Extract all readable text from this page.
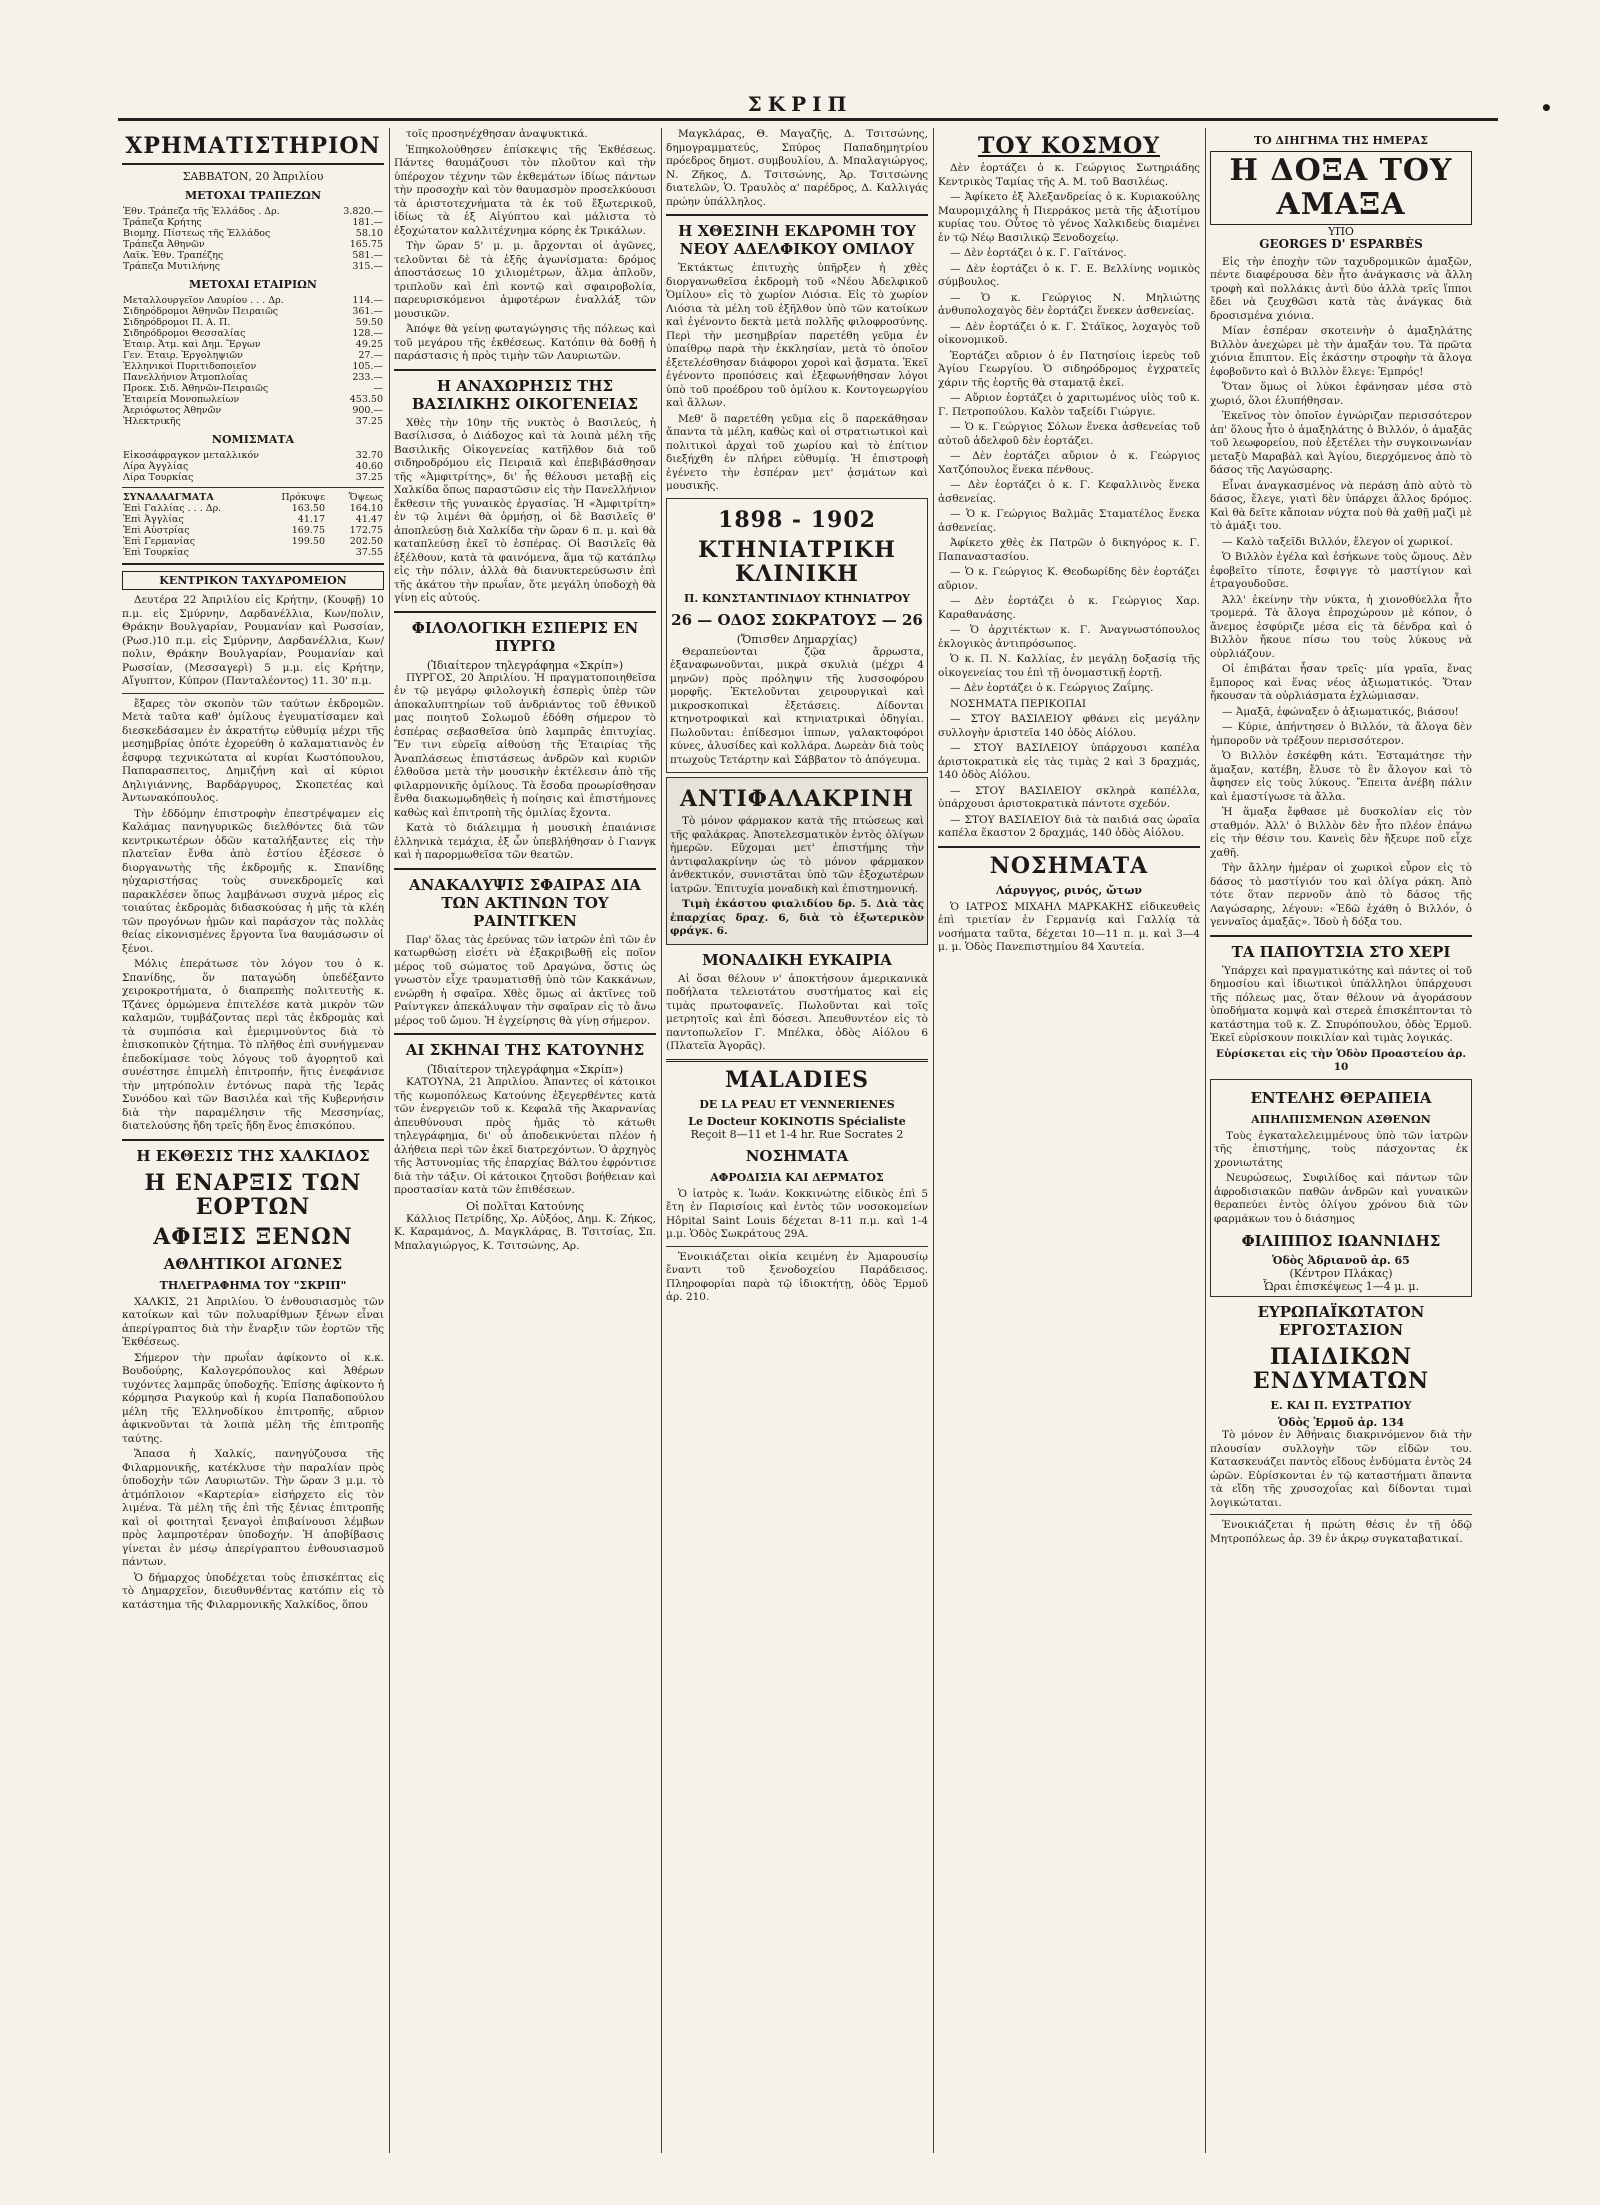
ΣΚΡΙΠ	•
ΧΡΗΜΑΤΙΣΤΗΡΙΟΝ
ΣΑΒΒΑΤΟΝ, 20 Ἀπριλίου
ΜΕΤΟΧΑΙ ΤΡΑΠΕΖΩΝ
Ἐθν. Τράπεζα τῆς Ἑλλάδος . Δρ.	3.820.—
Τράπεζα Κρήτης	181.—
Βιομηχ. Πίστεως τῆς Ἑλλάδος	58.10
Τράπεζα Ἀθηνῶν	165.75
Λαϊκ. Ἐθν. Τραπέζης	581.—
Τράπεζα Μυτιλήνης	315.—
ΜΕΤΟΧΑΙ ΕΤΑΙΡΙΩΝ
Μεταλλουργεῖον Λαυρίου . . . Δρ.	114.—
Σιδηρόδρομοι Ἀθηνῶν Πειραιῶς	361.—
Σιδηρόδρομοι Π. Α. Π.	59.50
Σιδηρόδρομοι Θεσσαλίας	128.—
Ἑταιρ. Ἀτμ. καὶ Δημ. Ἔργων	49.25
Γεν. Ἐταιρ. Ἐργοληψιῶν	27.—
Ἑλληνικοὶ Πυριτιδοποιεῖον	105.—
Πανελλήνιον Ἀτμοπλοΐας	233.—
Προεκ. Σιδ. Ἀθηνῶν-Πειραιῶς	—
Ἑταιρεία Μονοπωλείων	453.50
Ἀεριόφωτος Ἀθηνῶν	900.—
Ἠλεκτρικῆς	37.25
ΝΟΜΙΣΜΑΤΑ
Εἰκοσάφραγκον μεταλλικόν	32.70
Λίρα Ἀγγλίας	40.60
Λίρα Τουρκίας	37.25
ΣΥΝΑΛΛΑΓΜΑΤΑ	Πρόκυψε	Ὄψεως
Ἐπὶ Γαλλίας . . . Δρ.	163.50	164.10
Ἐπὶ Ἀγγλίας	41.17	41.47
Ἐπὶ Αὐστρίας	169.75	172.75
Ἐπὶ Γερμανίας	199.50	202.50
Ἐπὶ Τουρκίας		37.55
ΚΕΝΤΡΙΚΟΝ ΤΑΧΥΔΡΟΜΕΙΟΝ

Δευτέρα 22 Ἀπριλίου εἰς Κρήτην, (Κουφῇ) 10 π.μ. εἰς Σμύρνην, Δαρδανέλλια, Κων/πολιν, Θράκην Βουλγαρίαν, Ρουμανίαν καὶ Ρωσσίαν, (Ρωσ.)10 π.μ. εἰς Σμύρνην, Δαρδανέλλια, Κων/πολιν, Θράκην Βουλγαρίαν, Ρουμανίαν καὶ Ρωσσίαν, (Μεσσαγερὶ) 5 μ.μ. εἰς Κρήτην, Αἴγυπτον, Κύπρον (Πανταλέοντος) 11. 30' π.μ.

ἔξαρες τὸν σκοπὸν τῶν ταύτων ἐκδρομῶν. Μετὰ ταῦτα καθ' ὁμίλους ἐγευματίσαμεν καὶ διεσκεδάσαμεν ἐν ἀκρατήτῳ εὐθυμίᾳ μέχρι τῆς μεσημβρίας ὁπότε ἐχορεύθη ὁ καλαματιανὸς ἐν ἐσφυρᾳ τεχνικώτατα αἱ κυρίαι Κωστόπουλου, Παπαρασπειτος, Δημιζήνη καὶ αἱ κύριοι Δηλιγιάννης, Βαρδάργυρος, Σκοπετέας καὶ Ἀντωνακόπουλος.

Τὴν ἑδδόμην ἐπιστροφὴν ἐπεστρέψαμεν εἰς Καλάμας πανηγυρικῶς διελθόντες διὰ τῶν κεντρικωτέρων ὁδῶν καταλήξαντες εἰς τὴν πλατεῖαν ἔνθα ἀπὸ ἐστίου ἐξέσεσε ὁ διοργανωτὴς τῆς ἐκδρομῆς κ. Σπανίδης ηὐχαριστήσας τοὺς συνεκδρομεῖς καὶ παρακλέσεν ὅπως λαμβάνωσι συχνὰ μέρος εἰς τοιαύτας ἐκδρομὰς διδασκούσας ἡ μῆς τὰ κλέη τῶν προγόνων ἡμῶν καὶ παράσχον τὰς πολλὰς θείας εἰκονισμένες ἔργοντα ἵνα θαυμάσωσιν οἱ ξένοι.

Μόλις ἐπεράτωσε τὸν λόγον του ὁ κ. Σπανίδης, ὅν παταγώδη ὑπεδέξαντο χειροκροτήματα, ὁ διαπρεπὴς πολιτευτὴς κ. Τζάνες ὁρμώμενα ἐπιτελέσε κατὰ μικρὸν τῶν καλαμῶν, τυμβάζοντας περὶ τὰς ἐκδρομὰς καὶ τὰ συμπόσια καὶ ἐμεριμνούντος διὰ τὸ ἐπισκοπικὸν ζήτημα. Τὸ πλῆθος ἐπὶ συνήγμεναν ἐπεδοκίμασε τοὺς λόγους τοῦ ἀγορητοῦ καὶ συνέστησε ἐπιμελὴ ἐπιτροπήν, ἥτις ἐνεφάνισε τὴν μητρόπολιν ἐντόνως παρὰ τῆς Ἱερᾶς Συνόδου καὶ τῶν Βασιλέα καὶ τῆς Κυβερνήσιν διὰ τὴν παραμέλησιν τῆς Μεσσηνίας, διατελούσης ἤδη τρεῖς ἤδη ἔνος ἐπισκόπου.

Η ΕΚΘΕΣΙΣ ΤΗΣ ΧΑΛΚΙΔΟΣ
Η ΕΝΑΡΞΙΣ ΤΩΝ ΕΟΡΤΩΝ
ΑΦΙΞΙΣ ΞΕΝΩΝ
ΑΘΛΗΤΙΚΟΙ ΑΓΩΝΕΣ
ΤΗΛΕΓΡΑΦΗΜΑ ΤΟΥ "ΣΚΡΙΠ"

ΧΑΛΚΙΣ, 21 Ἀπριλίου. Ὁ ἐνθουσιασμὸς τῶν κατοίκων καὶ τῶν πολυαρίθμων ξένων εἶναι ἀπερίγραπτος διὰ τὴν ἔναρξιν τῶν ἑορτῶν τῆς Ἐκθέσεως.

Σήμερον τὴν πρωΐαν ἀφίκοντο οἱ κ.κ. Βουδούρης, Καλογερόπουλος καὶ Ἀθέρων τυχόντες λαμπρᾶς ὑποδοχῆς. Ἐπίσης ἀφίκοντο ἡ κόρμησα Ριαγκούρ καὶ ἡ κυρία Παπαδοπούλου μέλη τῆς Ἑλληνοδίκου ἐπιτροπῆς, αὔριον ἀφικνοῦνται τὰ λοιπὰ μέλη τῆς ἐπιτροπῆς ταύτης.

Ἅπασα ἡ Χαλκίς, πανηγύζουσα τῆς Φιλαρμονικῆς, κατέκλυσε τὴν παραλίαν πρὸς ὑποδοχὴν τῶν Λαυριωτῶν. Τὴν ὥραν 3 μ.μ. τὸ ἀτμόπλοιον «Καρτερία» εἰσήρχετο εἰς τὸν λιμένα. Τὰ μέλη τῆς ἐπὶ τῆς ξένιας ἐπιτροπῆς καὶ οἱ φοιτηταὶ ξεναγοὶ ἐπιβαίνουσι λέμβων πρὸς λαμπροτέραν ὑποδοχήν. Ἡ ἀποβίβασις γίνεται ἐν μέσῳ ἀπερίγραπτου ἐνθουσιασμοῦ πάντων.

Ὁ δήμαρχος ὑποδέχεται τοὺς ἐπισκέπτας εἰς τὸ Δημαρχεῖον, διευθυνθέντας κατόπιν εἰς τὸ κατάστημα τῆς Φιλαρμονικῆς Χαλκίδος, ὅπου

τοῖς προσηνέχθησαν ἀναψυκτικά.

Ἐπηκολούθησεν ἐπίσκεψις τῆς Ἐκθέσεως. Πάντες θαυμάζουσι τὸν πλοῦτον καὶ τὴν ὑπέροχον τέχνην τῶν ἐκθεμάτων ἰδίως πάντων τὴν προσοχὴν καὶ τὸν θαυμασμὸν προσελκύουσι τὰ ἀριστοτεχνήματα τὰ ἐκ τοῦ ἔξωτερικοῦ, ἰδίως τὰ ἐξ Αἰγύπτου καὶ μάλιστα τὸ ἐξοχώτατον καλλιτέχνημα κόρης ἐκ Τρικάλων.

Τὴν ὥραν 5' μ. μ. ἄρχονται οἱ ἀγῶνες, τελοῦνται δὲ τὰ ἑξῆς ἀγωνίσματα: δρόμος ἀποστάσεως 10 χιλιομέτρων, ἅλμα ἁπλοῦν, τριπλοῦν καὶ ἐπὶ κοντῷ καὶ σφαιροβολία, παρευρισκόμενοι ἀμφοτέρων ἐναλλάξ τῶν μουσικῶν.

Ἀπόψε θὰ γείνῃ φωταγώγησις τῆς πόλεως καὶ τοῦ μεγάρου τῆς ἐκθέσεως. Κατόπιν θὰ δοθῇ ἡ παράστασις ἡ πρὸς τιμὴν τῶν Λαυριωτῶν.

Η ΑΝΑΧΩΡΗΣΙΣ ΤΗΣ ΒΑΣΙΛΙΚΗΣ ΟΙΚΟΓΕΝΕΙΑΣ

Χθὲς τὴν 10ην τῆς νυκτὸς ὁ Βασιλεύς, ἡ Βασίλισσα, ὁ Διάδοχος καὶ τὰ λοιπὰ μέλη τῆς Βασιλικῆς Οἰκογενείας κατῆλθον διὰ τοῦ σιδηροδρόμου εἰς Πειραιᾶ καὶ ἐπεβιβάσθησαν τῆς «Ἀμφιτρίτης», δι' ἧς θέλουσι μεταβῇ εἰς Χαλκίδα ὅπως παραστῶσιν εἰς τὴν Πανελλήνιον ἔκθεσιν τῆς γυναικὸς ἐργασίας. Ἡ «Ἀμφιτρίτη» ἐν τῷ λιμένι θὰ ὁρμήσῃ, οἱ δὲ Βασιλεῖς θ' ἀποπλεύσῃ διὰ Χαλκίδα τὴν ὥραν 6 π. μ. καὶ θὰ καταπλεύσῃ ἐκεῖ τὸ ἑσπέρας. Οἱ Βασιλεῖς θὰ ἐξέλθουν, κατὰ τὰ φαινόμενα, ἅμα τῷ κατάπλῳ εἰς τὴν πόλιν, ἀλλὰ θὰ διανυκτερεύσωσιν ἐπὶ τῆς ἀκάτου τὴν πρωΐαν, ὅτε μεγάλη ὑποδοχὴ θὰ γίνῃ εἰς αὐτούς.

ΦΙΛΟΛΟΓΙΚΗ ΕΣΠΕΡΙΣ ΕΝ ΠΥΡΓΩ
(Ἰδιαίτερον τηλεγράφημα «Σκρίπ»)

ΠΥΡΓΟΣ, 20 Ἀπριλίου. Ἡ πραγματοποιηθεῖσα ἐν τῷ μεγάρῳ φιλολογικὴ ἑσπερὶς ὑπὲρ τῶν ἀποκαλυπτηρίων τοῦ ἀνδριάντος τοῦ ἐθνικοῦ μας ποιητοῦ Σολωμοῦ ἐδόθη σήμερον τὸ ἑσπέρας σεβασθεῖσα ὑπὸ λαμπρᾶς ἐπιτυχίας. Ἔν τινι εὐρεῖᾳ αἰθούσῃ τῆς Ἑταιρίας τῆς Ἀναπλάσεως ἐπιστάσεως ἀνδρῶν καὶ κυριῶν ἐλθοῦσα μετὰ τὴν μουσικὴν ἐκτέλεσιν ἀπὸ τῆς φιλαρμονικῆς ὁμίλους. Τὰ ἔσοδα προωρίσθησαν ἔνθα διακωμῳδηθεὶς ἡ ποίησις καὶ ἐπιστήμονες καθὼς καὶ ἐπιτροπὴ τῆς ὁμιλίας ἔχοντα.

Κατὰ τὸ διάλειμμα ἡ μουσικὴ ἐπαιάνισε ἑλληνικὰ τεμάχια, ἐξ ὧν ὑπεβλήθησαν ὁ Γιανγκ καὶ ἡ παρορμωθεῖσα τῶν θεατῶν.

ΑΝΑΚΑΛΥΨΙΣ ΣΦΑΙΡΑΣ ΔΙΑ ΤΩΝ ΑΚΤΙΝΩΝ ΤΟΥ ΡΑΙΝΤΓΚΕΝ

Παρ' ὅλας τὰς ἐρεύνας τῶν ἰατρῶν ἐπὶ τῶν ἐν κατωρθώσῃ εἰσέτι νὰ ἐξακριβωθῇ εἰς ποῖον μέρος τοῦ σώματος τοῦ Δραγώνα, ὅστις ὡς γνωστὸν εἶχε τραυματισθῇ ὑπὸ τῶν Κακκάνων, ενώρθη ἡ σφαῖρα. Χθὲς ὅμως αἱ ἀκτῖνες τοῦ Ραίντγκεν ἀπεκάλυψαν τὴν σφαῖραν εἰς τὸ ἄνω μέρος τοῦ ὤμου. Ἡ ἐγχείρησις θὰ γίνῃ σήμερον.

ΑΙ ΣΚΗΝΑΙ ΤΗΣ ΚΑΤΟΥΝΗΣ
(Ἰδιαίτερον τηλεγράφημα «Σκρίπ»)

ΚΑΤΟΥΝΑ, 21 Ἀπριλίου. Ἀπαντες οἱ κάτοικοι τῆς κωμοπόλεως Κατούνης ἐξεγερθέντες κατὰ τῶν ἐνεργειῶν τοῦ κ. Κεφαλᾶ τῆς Ἀκαρνανίας ἀπευθύνουσι πρὸς ἡμᾶς τὸ κάτωθι τηλεγράφημα, δι' οὗ ἀποδεικνύεται πλέον ἡ ἀλήθεια περὶ τῶν ἐκεῖ διατρεχόντων. Ὁ ἀρχηγὸς τῆς Ἀστυνομίας τῆς ἐπαρχίας Βάλτου ἐφρόντισε διὰ τὴν τάξιν. Οἱ κάτοικοι ζητοῦσι βοήθειαν καὶ προστασίαν κατὰ τῶν ἐπιθέσεων.

Οἱ πολῖται Κατούνης

Κάλλιος Πετρίδης, Χρ. Αὐξόος, Δημ. Κ. Ζήκος, Κ. Καραμάνος, Δ. Μαγκλάρας, Β. Τσιτσίας, Σπ. Μπαλαγιώργος, Κ. Τσιτσώνης, Αρ.

Μαγκλάρας, Θ. Μαγαζῆς, Δ. Τσιτσώνης, δημογραμματεύς, Σπύρος Παπαδημητρίου πρόεδρος δημοτ. συμβουλίου, Δ. Μπαλαγιώργος, Ν. Ζῆκος, Δ. Τσιτσώνης, Ἀρ. Τσιτσώνης διατελῶν, Ὁ. Τραυλὸς α' παρέδρος, Δ. Καλλιγάς πρώην ὑπάλληλος.

Η ΧΘΕΣΙΝΗ ΕΚΔΡΟΜΗ ΤΟΥ ΝΕΟΥ ΑΔΕΛΦΙΚΟΥ ΟΜΙΛΟΥ

Ἐκτάκτως ἐπιτυχὴς ὑπῆρξεν ἡ χθὲς διοργανωθεῖσα ἐκδρομὴ τοῦ «Νέου Ἀδελφικοῦ Ὁμίλου» εἰς τὸ χωρίον Λιόσια. Εἰς τὸ χωρίον Λιόσια τὰ μέλη τοῦ ἐξῆλθον ὑπὸ τῶν κατοίκων καὶ ἐγένοντο δεκτὰ μετὰ πολλῆς φιλοφροσύνης. Περὶ τὴν μεσημβρίαν παρετέθη γεῦμα ἐν ὑπαίθρῳ παρὰ τὴν ἐκκλησίαν, μετὰ τὸ ὁποῖον ἐξετελέσθησαν διάφοροι χοροὶ καὶ ᾄσματα. Ἐκεῖ ἐγένοντο προπόσεις καὶ ἐξεφωνήθησαν λόγοι ὑπὸ τοῦ προέδρου τοῦ ὁμίλου κ. Κοντογεωργίου καὶ ἄλλων.

Μεθ' ὃ παρετέθη γεῦμα εἰς ὃ παρεκάθησαν ἅπαντα τὰ μέλη, καθὼς καὶ οἱ στρατιωτικοὶ καὶ πολιτικοὶ ἀρχαὶ τοῦ χωρίου καὶ τὸ ἐπίτιον διεξήχθη ἐν πλήρει εὐθυμίᾳ. Ἡ ἐπιστροφὴ ἐγένετο τὴν ἑσπέραν μετ' ᾀσμάτων καὶ μουσικῆς.

1898 - 1902
ΚΤΗΝΙΑΤΡΙΚΗ ΚΛΙΝΙΚΗ
Π. ΚΩΝΣΤΑΝΤΙΝΙΔΟΥ ΚΤΗΝΙΑΤΡΟΥ
26 — ΟΔΟΣ ΣΩΚΡΑΤΟΥΣ — 26
(Ὄπισθεν Δημαρχίας)

Θεραπεύονται ζῷα ἄρρωστα, ἐξαναφωνοῦνται, μικρὰ σκυλιὰ (μέχρι 4 μηνῶν) πρὸς πρόληψιν τῆς λυσσοφόρου μορφῆς. Ἐκτελοῦνται χειρουργικαὶ καὶ μικροσκοπικαὶ ἐξετάσεις. Δίδονται κτηνοτροφικαὶ καὶ κτηνιατρικαὶ ὁδηγίαι. Πωλοῦνται: ἐπίδεσμοι ἱππων, γαλακτοφόροι κύνες, ἀλυσίδες καὶ κολλάρα. Δωρεὰν διὰ τοὺς πτωχοὺς Τετάρτην καὶ Σάββατον τὸ ἀπόγευμα.

ΑΝΤΙΦΑΛΑΚΡΙΝΗ

Τὸ μόνον φάρμακον κατὰ τῆς πτώσεως καὶ τῆς φαλάκρας. Ἀποτελεσματικὸν ἐντὸς ὀλίγων ἡμερῶν. Εὔχομαι μετ' ἐπιστήμης τὴν ἀντιφαλακρίνην ὡς τὸ μόνον φάρμακον ἀνθεκτικόν, συνιστᾶται ὑπὸ τῶν ἐξοχωτέρων ἰατρῶν. Ἐπιτυχία μοναδικὴ καὶ ἐπιστημονική.

Τιμὴ ἑκάστου φιαλιδίου δρ. 5. Διὰ τὰς ἐπαρχίας δραχ. 6, διὰ τὸ ἐξωτερικὸν φράγκ. 6.

ΜΟΝΑΔΙΚΗ ΕΥΚΑΙΡΙΑ

Αἱ ὅσαι θέλουν ν' ἀποκτήσουν ἀμερικανικὰ ποδήλατα τελειοτάτου συστήματος καὶ εἰς τιμὰς πρωτοφανεῖς. Πωλοῦνται καὶ τοῖς μετρητοῖς καὶ ἐπὶ δόσεσι. Ἀπευθυντέον εἰς τὸ παντοπωλεῖον Γ. Μπέλκα, ὁδὸς Αἰόλου 6 (Πλατεῖα Ἀγορᾶς).

MALADIES
DE LA PEAU ET VENNERIENES
Le Docteur KOKINOTIS Spécialiste
Reçoit 8—11 et 1-4 hr. Rue Socrates 2
ΝΟΣΗΜΑΤΑ
ΑΦΡΟΔΙΣΙΑ ΚΑΙ ΔΕΡΜΑΤΟΣ

Ὁ ἰατρὸς κ. Ἰωάν. Κοκκινώτης εἰδικὸς ἐπὶ 5 ἔτη ἐν Παρισίοις καὶ ἐντὸς τῶν νοσοκομείων Hôpital Saint Louis δέχεται 8-11 π.μ. καὶ 1-4 μ.μ. Ὁδὸς Σωκράτους 29Α.

Ἐνοικιάζεται οἰκία κειμένη ἐν Ἀμαρουσίῳ ἔναντι τοῦ ξενοδοχείου Παράδεισος. Πληροφορίαι παρὰ τῷ ἰδιοκτήτῃ, ὁδὸς Ἑρμοῦ ἀρ. 210.

ΤΟΥ ΚΟΣΜΟΥ

Δὲν ἑορτάζει ὁ κ. Γεώργιος Σωτηριάδης Κεντρικὸς Ταμίας τῆς Α. Μ. τοῦ Βασιλέως.

— Ἀφίκετο ἐξ Ἀλεξανδρείας ὁ κ. Κυριακούλης Μαυρομιχάλης ἡ Πιερράκος μετὰ τῆς ἀξιοτίμου κυρίας του. Οὗτος τὸ γένος Χαλκιδεὺς διαμένει ἐν τῷ Νέῳ Βασιλικῷ Ξενοδοχείῳ.

— Δὲν ἑορτάζει ὁ κ. Γ. Γαϊτάνος.

— Δὲν ἑορτάζει ὁ κ. Γ. Ε. Βελλίνης νομικὸς σύμβουλος.

— Ὁ κ. Γεώργιος Ν. Μηλιώτης ἀνθυπολοχαγὸς δὲν ἑορτάζει ἕνεκεν ἀσθενείας.

— Δὲν ἑορτάζει ὁ κ. Γ. Στάϊκος, λοχαγὸς τοῦ οἰκονομικοῦ.

Ἑορτάζει αὔριον ὁ ἐν Πατησίοις ἱερεὺς τοῦ Ἁγίου Γεωργίου. Ὁ σιδηρόδρομος ἐγχρατεῖς χάριν τῆς ἑορτῆς θὰ σταματᾷ ἐκεῖ.

— Αὔριον ἑορτάζει ὁ χαριτωμένος υἱὸς τοῦ κ. Γ. Πετροπούλου. Καλὸν ταξείδι Γιώργιε.

— Ὁ κ. Γεώργιος Σόλων ἕνεκα ἀσθενείας τοῦ αὐτοῦ ἀδελφοῦ δὲν ἑορτάζει.

— Δὲν ἑορτάζει αὔριον ὁ κ. Γεώργιος Χατζόπουλος ἕνεκα πένθους.

— Δὲν ἑορτάζει ὁ κ. Γ. Κεφαλλινὸς ἕνεκα ἀσθενείας.

— Ὁ κ. Γεώργιος Βαλμᾶς Σταματέλος ἕνεκα ἀσθενείας.

Ἀφίκετο χθὲς ἐκ Πατρῶν ὁ δικηγόρος κ. Γ. Παπαναστασίου.

— Ὁ κ. Γεώργιος Κ. Θεοδωρίδης δὲν ἑορτάζει αὔριον.

— Δὲν ἑορτάζει ὁ κ. Γεώργιος Χαρ. Καραθανάσης.

— Ὁ ἀρχιτέκτων κ. Γ. Ἀναγνωστόπουλος ἐκλογικὸς ἀντιπρόσωπος.

Ὁ κ. Π. Ν. Καλλίας, ἐν μεγάλῃ δοξασίᾳ τῆς οἰκογενείας του ἐπὶ τῇ ὀνομαστικῇ ἑορτῇ.

— Δὲν ἑορτάζει ὁ κ. Γεώργιος Ζαΐμης.

ΝΟΣΗΜΑΤΑ ΠΕΡΙΚΟΠΑΙ

— ΣΤΟΥ ΒΑΣΙΛΕΙΟΥ φθάνει εἰς μεγάλην συλλογὴν ἀριστεῖα 140 ὁδὸς Αἰόλου.

— ΣΤΟΥ ΒΑΣΙΛΕΙΟΥ ὑπάρχουσι καπέλα ἀριστοκρατικὰ εἰς τὰς τιμὰς 2 καὶ 3 δραχμάς, 140 ὁδὸς Αἰόλου.

— ΣΤΟΥ ΒΑΣΙΛΕΙΟΥ σκληρὰ καπέλλα, ὑπάρχουσι ἀριστοκρατικὰ πάντοτε σχεδόν.

— ΣΤΟΥ ΒΑΣΙΛΕΙΟΥ διὰ τὰ παιδιά σας ὡραῖα καπέλα ἕκαστον 2 δραχμάς, 140 ὁδὸς Αἰόλου.

ΝΟΣΗΜΑΤΑ
Λάρυγγος, ρινός, ὤτων

Ὁ ΙΑΤΡΟΣ ΜΙΧΑΗΛ ΜΑΡΚΑΚΗΣ εἰδικευθεὶς ἐπὶ τριετίαν ἐν Γερμανίᾳ καὶ Γαλλίᾳ τὰ νοσήματα ταῦτα, δέχεται 10—11 π. μ. καὶ 3—4 μ. μ. Ὁδὸς Πανεπιστημίου 84 Χαυτεία.

ΤΟ ΔΙΗΓΗΜΑ ΤΗΣ ΗΜΕΡΑΣ
Η ΔΟΞΑ ΤΟΥ ΑΜΑΞΑ
ΥΠΟ
GEORGES D' ESPARBÈS

Εἰς τὴν ἐποχὴν τῶν ταχυδρομικῶν ἁμαξῶν, πέντε διαφέρουσα δὲν ἦτο ἀνάγκασις νὰ ἄλλη τροφὴ καὶ πολλάκις ἀντὶ δύο ἀλλὰ τρεῖς ἵπποι ἔδει νὰ ζευχθῶσι κατὰ τὰς ἀνάγκας διὰ δροσισμένα χιόνια.

Μίαν ἐσπέραν σκοτεινὴν ὁ ἁμαξηλάτης Βιλλὸν ἀνεχώρει μὲ τὴν ἁμαξάν του. Τὰ πρῶτα χιόνια ἔπιπτον. Εἰς ἑκάστην στροφὴν τὰ ἄλογα ἐφοβοῦντο καὶ ὁ Βιλλὸν ἔλεγε: Ἐμπρός!

Ὅταν ὅμως οἱ λύκοι ἐφάνησαν μέσα στὸ χωριό, ὅλοι ἐλυπήθησαν.

Ἐκεῖνος τὸν ὁποῖον ἐγνώριζαν περισσότερον ἀπ' ὅλους ἦτο ὁ ἁμαξηλάτης ὁ Βιλλόν, ὁ ἁμαξᾶς τοῦ λεωφορείου, ποὺ ἐξετέλει τὴν συγκοινωνίαν μεταξὺ Μαραβὰλ καὶ Ἀγίου, διερχόμενος ἀπὸ τὸ δάσος τῆς Λαγώσαρης.

Εἶναι ἀναγκασμένος νὰ περάσῃ ἀπὸ αὐτὸ τὸ δάσος, ἔλεγε, γιατὶ δὲν ὑπάρχει ἄλλος δρόμος. Καὶ θὰ δεῖτε κἄποιαν νύχτα ποὺ θὰ χαθῇ μαζὶ μὲ τὸ ἁμάξι του.

— Καλὸ ταξεῖδι Βιλλόν, ἔλεγον οἱ χωρικοί.

Ὁ Βιλλὸν ἐγέλα καὶ ἐσήκωνε τοὺς ὤμους. Δὲν ἐφοβεῖτο τίποτε, ἔσφιγγε τὸ μαστίγιον καὶ ἐτραγουδοῦσε.

Ἀλλ' ἐκείνην τὴν νύκτα, ἡ χιονοθύελλα ἦτο τρομερά. Τὰ ἄλογα ἐπροχώρουν μὲ κόπον, ὁ ἄνεμος ἐσφύριζε μέσα εἰς τὰ δένδρα καὶ ὁ Βιλλὸν ἤκουε πίσω του τοὺς λύκους νὰ οὐρλιάζουν.

Οἱ ἐπιβάται ἦσαν τρεῖς· μία γραῖα, ἕνας ἔμπορος καὶ ἕνας νέος ἀξιωματικός. Ὅταν ἤκουσαν τὰ οὐρλιάσματα ἐχλώμιασαν.

— Ἀμαξᾶ, ἐφώναξεν ὁ ἀξιωματικός, βιάσου!

— Κύριε, ἀπήντησεν ὁ Βιλλόν, τὰ ἄλογα δὲν ἠμποροῦν νὰ τρέξουν περισσότερον.

Ὁ Βιλλὸν ἐσκέφθη κάτι. Ἐσταμάτησε τὴν ἅμαξαν, κατέβη, ἔλυσε τὸ ἓν ἄλογον καὶ τὸ ἄφησεν εἰς τοὺς λύκους. Ἔπειτα ἀνέβη πάλιν καὶ ἐμαστίγωσε τὰ ἄλλα.

Ἡ ἅμαξα ἔφθασε μὲ δυσκολίαν εἰς τὸν σταθμόν. Ἀλλ' ὁ Βιλλὸν δὲν ἦτο πλέον ἐπάνω εἰς τὴν θέσιν του. Κανεὶς δὲν ἤξευρε ποῦ εἶχε χαθῆ.

Τὴν ἄλλην ἡμέραν οἱ χωρικοὶ εὗρον εἰς τὸ δάσος τὸ μαστίγιόν του καὶ ὀλίγα ράκη. Ἀπὸ τότε ὅταν περνοῦν ἀπὸ τὸ δάσος τῆς Λαγώσαρης, λέγουν: «Ἐδῶ ἐχάθη ὁ Βιλλόν, ὁ γενναῖος ἁμαξᾶς». Ἰδοὺ ἡ δόξα του.

ΤΑ ΠΑΠΟΥΤΣΙΑ ΣΤΟ ΧΕΡΙ

Ὑπάρχει καὶ πραγματικότης καὶ πάντες οἱ τοῦ δημοσίου καὶ ἰδιωτικοὶ ὑπάλληλοι ὑπάρχουσι τῆς πόλεως μας, ὅταν θέλουν νὰ ἀγοράσουν ὑποδήματα κομψὰ καὶ στερεὰ ἐπισκέπτονται τὸ κατάστημα τοῦ κ. Ζ. Σπυρόπουλου, ὁδὸς Ἑρμοῦ. Ἐκεῖ εὑρίσκουν ποικιλίαν καὶ τιμὰς λογικάς.

Εὑρίσκεται εἰς τὴν Ὁδὸν Προαστείου ἀρ. 10

ΕΝΤΕΛΗΣ ΘΕΡΑΠΕΙΑ
ΑΠΗΛΠΙΣΜΕΝΩΝ ΑΣΘΕΝΩΝ

Τοὺς ἐγκαταλελειμμένους ὑπὸ τῶν ἰατρῶν τῆς ἐπιστήμης, τοὺς πάσχοντας ἐκ χρονιωτάτης

Νευρώσεως, Συφιλίδος καὶ πάντων τῶν ἀφροδισιακῶν παθῶν ἀνδρῶν καὶ γυναικῶν θεραπεύει ἐντὸς ὀλίγου χρόνου διὰ τῶν φαρμάκων του ὁ διάσημος

ΦΙΛΙΠΠΟΣ ΙΩΑΝΝΙΔΗΣ
Ὁδὸς Ἀδριανοῦ ἀρ. 65
(Κέντρον Πλάκας)
Ὧραι ἐπισκέψεως 1—4 μ. μ.
ΕΥΡΩΠΑΪΚΩΤΑΤΟΝ ΕΡΓΟΣΤΑΣΙΟΝ
ΠΑΙΔΙΚΩΝ ΕΝΔΥΜΑΤΩΝ
Ε. ΚΑΙ Π. ΕΥΣΤΡΑΤΙΟΥ
Ὁδὸς Ἑρμοῦ ἀρ. 134

Τὸ μόνον ἐν Ἀθήναις διακρινόμενον διὰ τὴν πλουσίαν συλλογὴν τῶν εἰδῶν του. Κατασκευάζει παντὸς εἴδους ἐνδύματα ἐντὸς 24 ὡρῶν. Εὑρίσκονται ἐν τῷ καταστήματι ἅπαντα τὰ εἴδη τῆς χρυσοχοΐας καὶ δίδονται τιμαὶ λογικώταται.

Ἐνοικιάζεται ἡ πρώτη θέσις ἐν τῇ ὁδῷ Μητροπόλεως ἀρ. 39 ἐν ἀκρῳ συγκαταβατικαί.
